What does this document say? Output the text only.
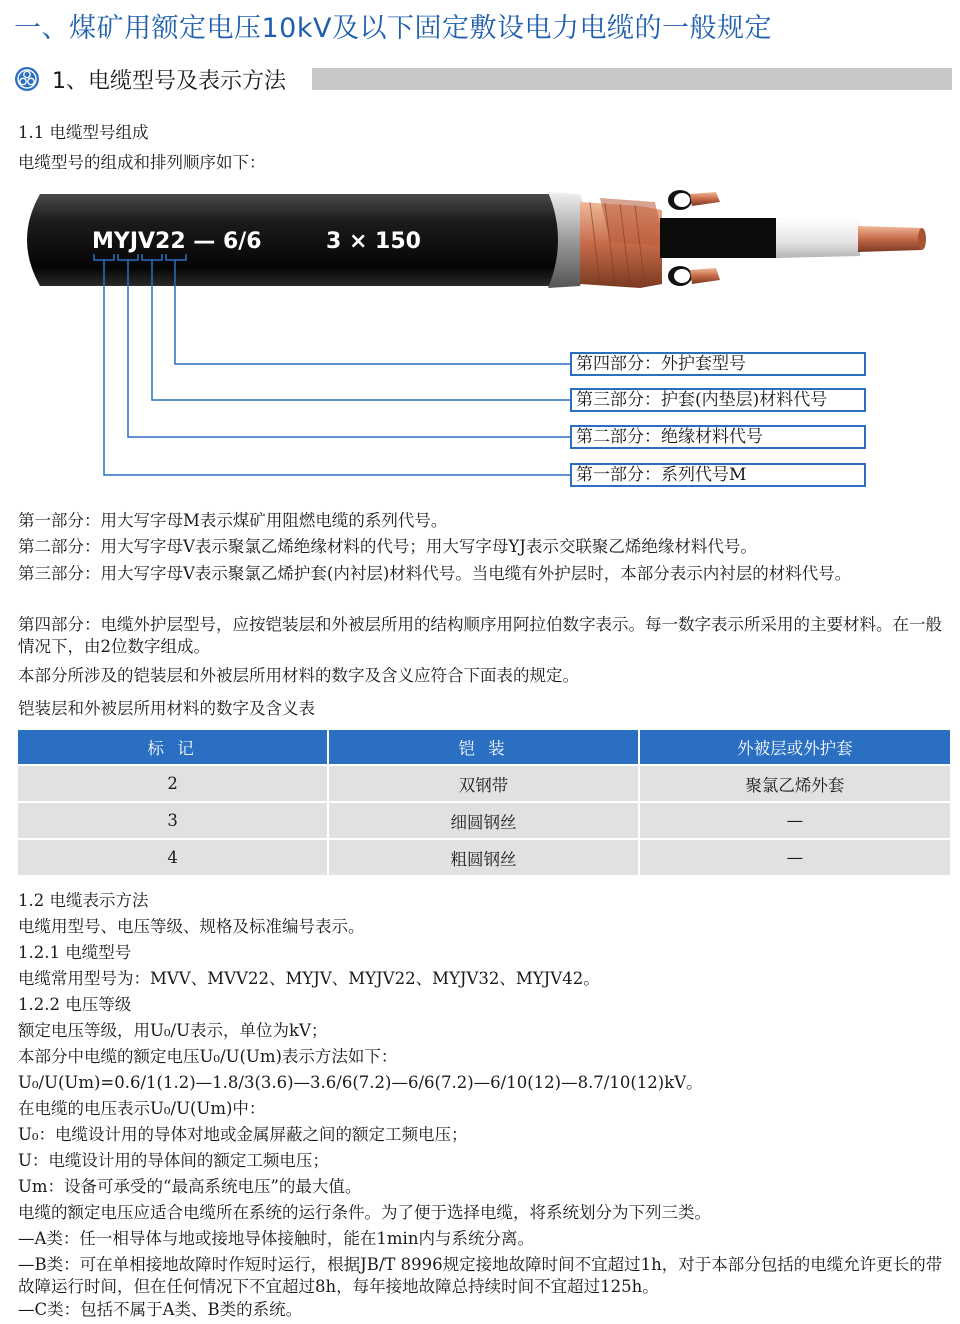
一、煤矿用额定电压10kV及以下固定敷设电力电缆的一般规定
1、电缆型号及表示方法
1.1 电缆型号组成
电缆型号的组成和排列顺序如下：
MYJV22 — 6/6	3 × 150
第四部分：外护套型号
第三部分：护套(内垫层)材料代号
第二部分：绝缘材料代号
第一部分：系列代号M
第一部分：用大写字母M表示煤矿用阻燃电缆的系列代号。
第二部分：用大写字母V表示聚氯乙烯绝缘材料的代号；用大写字母YJ表示交联聚乙烯绝缘材料代号。
第三部分：用大写字母V表示聚氯乙烯护套(内衬层)材料代号。当电缆有外护层时，本部分表示内衬层的材料代号。
第四部分：电缆外护层型号，应按铠装层和外被层所用的结构顺序用阿拉伯数字表示。每一数字表示所采用的主要材料。在一般情况下，由2位数字组成。
本部分所涉及的铠装层和外被层所用材料的数字及含义应符合下面表的规定。
铠装层和外被层所用材料的数字及含义表
标 记	铠 装	外被层或外护套
2	双钢带	聚氯乙烯外套
3	细圆钢丝	—
4	粗圆钢丝	—
1.2 电缆表示方法
电缆用型号、电压等级、规格及标准编号表示。
1.2.1 电缆型号
电缆常用型号为：MVV、MVV22、MYJV、MYJV22、MYJV32、MYJV42。
1.2.2 电压等级
额定电压等级，用U₀/U表示，单位为kV；
本部分中电缆的额定电压U₀/U(Um)表示方法如下：
U₀/U(Um)=0.6/1(1.2)—1.8/3(3.6)—3.6/6(7.2)—6/6(7.2)—6/10(12)—8.7/10(12)kV。
在电缆的电压表示U₀/U(Um)中：
U₀：电缆设计用的导体对地或金属屏蔽之间的额定工频电压；
U：电缆设计用的导体间的额定工频电压；
Um：设备可承受的“最高系统电压”的最大值。
电缆的额定电压应适合电缆所在系统的运行条件。为了便于选择电缆，将系统划分为下列三类。
—A类：任一相导体与地或接地导体接触时，能在1min内与系统分离。
—B类：可在单相接地故障时作短时运行，根据JB/T 8996规定接地故障时间不宜超过1h，对于本部分包括的电缆允许更长的带故障运行时间，但在任何情况下不宜超过8h，每年接地故障总持续时间不宜超过125h。
—C类：包括不属于A类、B类的系统。
